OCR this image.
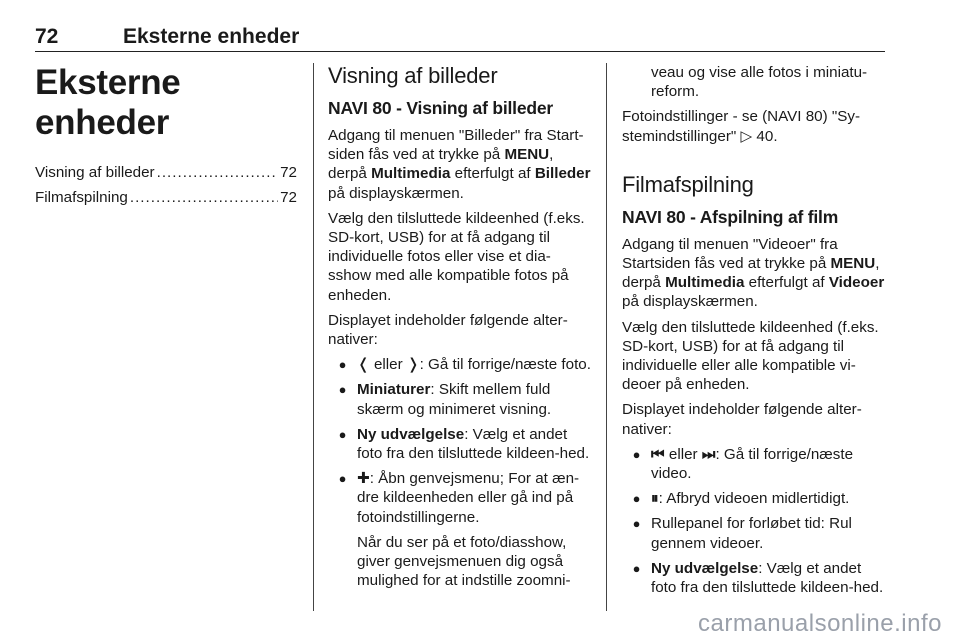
72	Eksterne enheder
Eksterne enheder
Visning af billeder .....	72
Filmafspilning .....	72
Visning af billeder
NAVI 80 - Visning af billeder

Adgang til menuen "Billeder" fra Start-siden fås ved at trykke på MENU, derpå Multimedia efterfulgt af Billeder på displayskærmen.

Vælg den tilsluttede kildeenhed (f.eks. SD-kort, USB) for at få adgang til individuelle fotos eller vise et dia-sshow med alle kompatible fotos på enheden.

Displayet indeholder følgende alter-nativer:

● ❬ eller ❭: Gå til forrige/næste foto.
● Miniaturer: Skift mellem fuld skærm og minimeret visning.
● Ny udvælgelse: Vælg et andet foto fra den tilsluttede kildeen-hed.
● ✚: Åbn genvejsmenu; For at æn-dre kildeenheden eller gå ind på fotoindstillingerne.

Når du ser på et foto/diasshow, giver genvejsmenuen dig også mulighed for at indstille zoomni-

veau og vise alle fotos i miniatu-reform.

Fotoindstillinger - se (NAVI 80) "Sy-stemindstillinger" ▷ 40.

Filmafspilning
NAVI 80 - Afspilning af film

Adgang til menuen "Videoer" fra Startsiden fås ved at trykke på MENU, derpå Multimedia efterfulgt af Videoer på displayskærmen.

Vælg den tilsluttede kildeenhed (f.eks. SD-kort, USB) for at få adgang til individuelle eller alle kompatible vi-deoer på enheden.

Displayet indeholder følgende alter-nativer:

● ⏮ eller ⏭: Gå til forrige/næste video.
● ⏸: Afbryd videoen midlertidigt.
● Rullepanel for forløbet tid: Rul gennem videoer.
● Ny udvælgelse: Vælg et andet foto fra den tilsluttede kildeen-hed.
carmanualsonline.info
